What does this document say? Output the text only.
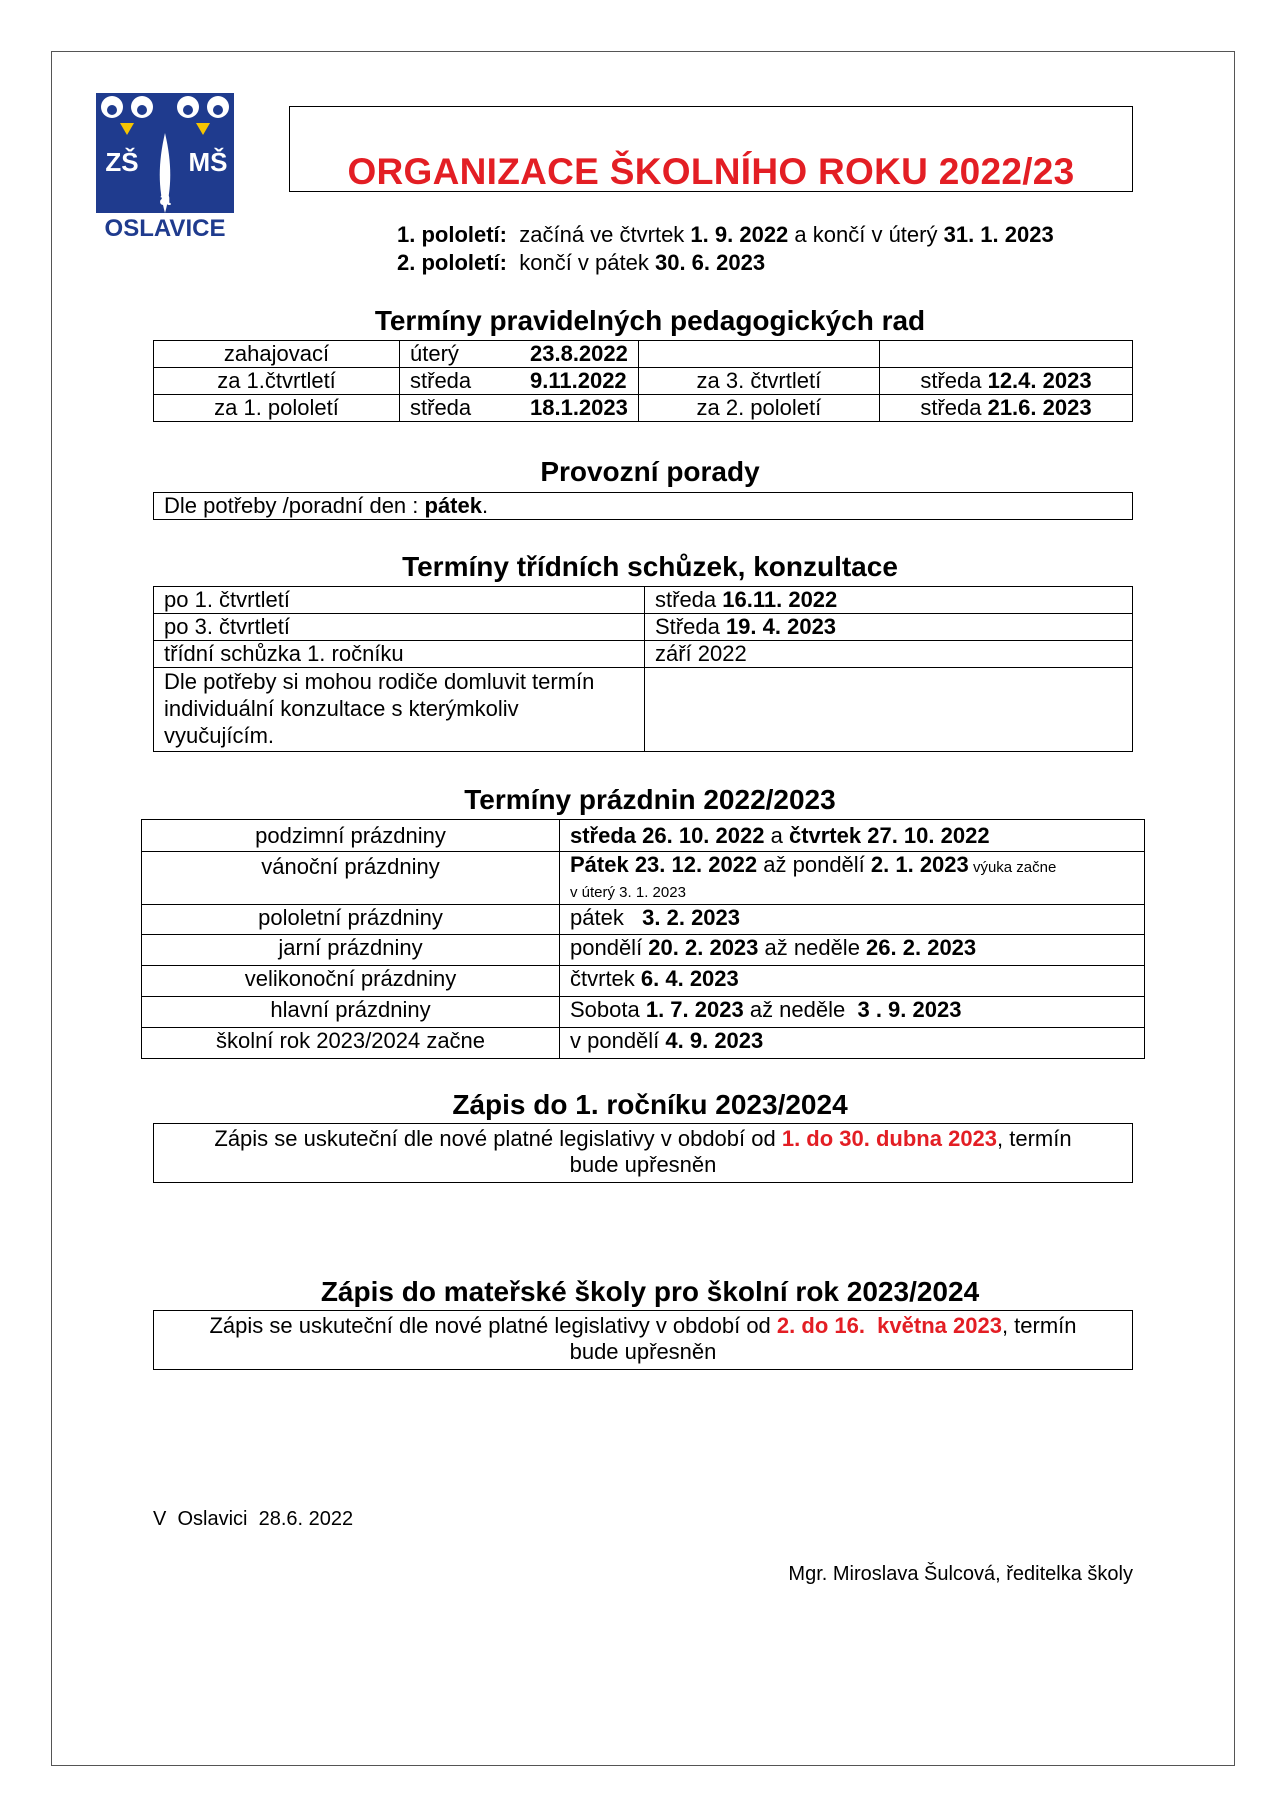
ZŠ MŠ
a
OSLAVICE
ORGANIZACE ŠKOLNÍHO ROKU 2022/23
1. pololetí: začíná ve čtvrtek 1. 9. 2022 a končí v úterý 31. 1. 2023
2. pololetí: končí v pátek 30. 6. 2023
Termíny pravidelných pedagogických rad
zahajovací	úterý	23.8.2022		
za 1.čtvrtletí	středa	9.11.2022	za 3. čtvrtletí	středa 12.4. 2023
za 1. pololetí	středa	18.1.2023	za 2. pololetí	středa 21.6. 2023
Provozní porady
Dle potřeby /poradní den : pátek.
Termíny třídních schůzek, konzultace
po 1. čtvrtletí	středa 16.11. 2022
po 3. čtvrtletí	Středa 19. 4. 2023
třídní schůzka 1. ročníku	září 2022
Dle potřeby si mohou rodiče domluvit termín individuální konzultace s kterýmkoliv vyučujícím.	
Termíny prázdnin 2022/2023
podzimní prázdniny	středa 26. 10. 2022 a čtvrtek 27. 10. 2022
vánoční prázdniny	Pátek 23. 12. 2022 až pondělí 2. 1. 2023 výuka začne
v úterý 3. 1. 2023
pololetní prázdniny	pátek   3. 2. 2023
jarní prázdniny	pondělí 20. 2. 2023 až neděle 26. 2. 2023
velikonoční prázdniny	čtvrtek 6. 4. 2023
hlavní prázdniny	Sobota 1. 7. 2023 až neděle  3 . 9. 2023
školní rok 2023/2024 začne	v pondělí 4. 9. 2023
Zápis do 1. ročníku 2023/2024
Zápis se uskuteční dle nové platné legislativy v období od 1. do 30. dubna 2023, termín
bude upřesněn
Zápis do mateřské školy pro školní rok 2023/2024
Zápis se uskuteční dle nové platné legislativy v období od 2. do 16.  května 2023, termín
bude upřesněn
V  Oslavici  28.6. 2022
Mgr. Miroslava Šulcová, ředitelka školy
